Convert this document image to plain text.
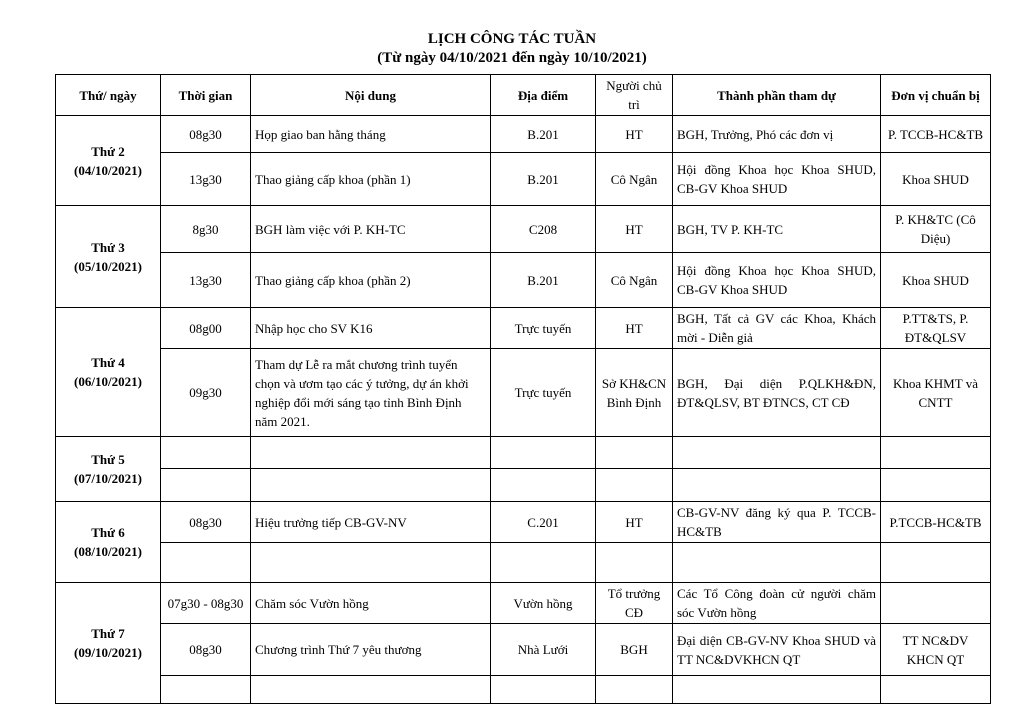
LỊCH CÔNG TÁC TUẦN
(Từ ngày 04/10/2021 đến ngày 10/10/2021)
Thứ/ ngày	Thời gian	Nội dung	Địa điểm	Người chủ trì	Thành phần tham dự	Đơn vị chuẩn bị

Thứ 2
(04/10/2021)	08g30	Họp giao ban hằng tháng	B.201	HT	BGH, Trưởng, Phó các đơn vị	P. TCCB-HC&TB
	13g30	Thao giảng cấp khoa (phần 1)	B.201	Cô Ngân	Hội đồng Khoa học Khoa SHUD, CB-GV Khoa SHUD	Khoa SHUD

Thứ 3
(05/10/2021)	8g30	BGH làm việc với P. KH-TC	C208	HT	BGH, TV P. KH-TC	P. KH&TC (Cô Diệu)
	13g30	Thao giảng cấp khoa (phần 2)	B.201	Cô Ngân	Hội đồng Khoa học Khoa SHUD, CB-GV Khoa SHUD	Khoa SHUD

Thứ 4
(06/10/2021)	08g00	Nhập học cho SV K16	Trực tuyến	HT	BGH, Tất cả GV các Khoa, Khách mời - Diễn giả	P.TT&TS, P. ĐT&QLSV
	09g30	Tham dự Lễ ra mắt chương trình tuyển chọn và ươm tạo các ý tưởng, dự án khởi nghiệp đổi mới sáng tạo tỉnh Bình Định năm 2021.	Trực tuyến	Sở KH&CN Bình Định	BGH, Đại diện P.QLKH&ĐN, ĐT&QLSV, BT ĐTNCS, CT CĐ	Khoa KHMT và CNTT

Thứ 5
(07/10/2021)						

Thứ 6
(08/10/2021)	08g30	Hiệu trưởng tiếp CB-GV-NV	C.201	HT	CB-GV-NV đăng ký qua P. TCCB-HC&TB	P.TCCB-HC&TB

Thứ 7
(09/10/2021)	07g30 - 08g30	Chăm sóc Vườn hồng	Vườn hồng	Tổ trưởng CĐ	Các Tổ Công đoàn cử người chăm sóc Vườn hồng	
	08g30	Chương trình Thứ 7 yêu thương	Nhà Lưới	BGH	Đại diện CB-GV-NV Khoa SHUD và TT NC&DVKHCN QT	TT NC&DV KHCN QT
